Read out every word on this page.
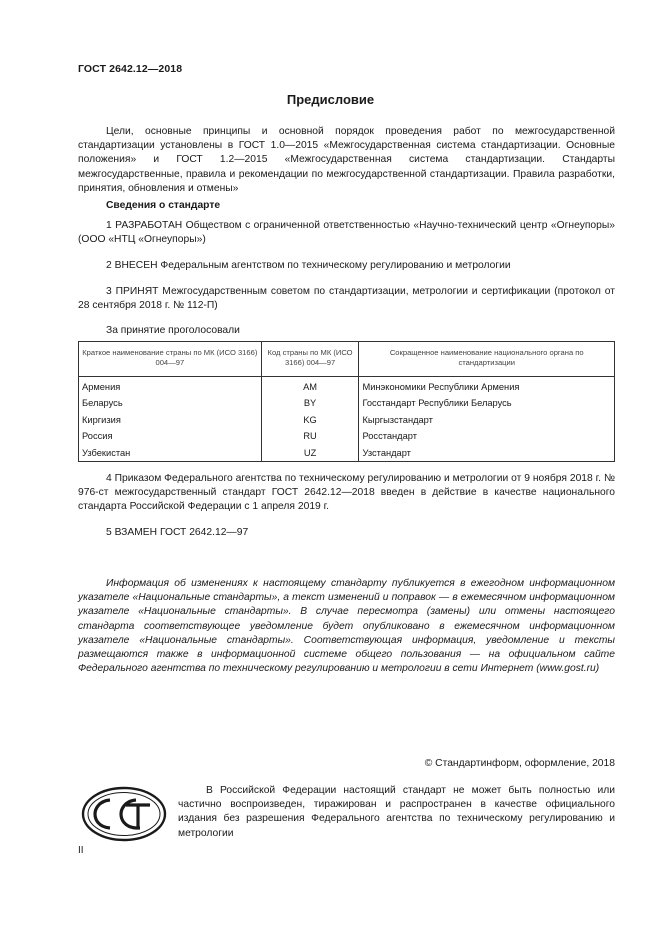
ГОСТ 2642.12—2018
Предисловие

Цели, основные принципы и основной порядок проведения работ по межгосударственной стандартизации установлены в ГОСТ 1.0—2015 «Межгосударственная система стандартизации. Основные положения» и ГОСТ 1.2—2015 «Межгосударственная система стандартизации. Стандарты межгосударственные, правила и рекомендации по межгосударственной стандартизации. Правила разработки, принятия, обновления и отмены»

Сведения о стандарте

1 РАЗРАБОТАН Обществом с ограниченной ответственностью «Научно-технический центр «Огнеупоры» (ООО «НТЦ «Огнеупоры»)

2 ВНЕСЕН Федеральным агентством по техническому регулированию и метрологии

3 ПРИНЯТ Межгосударственным советом по стандартизации, метрологии и сертификации (протокол от 28 сентября 2018 г. № 112-П)

За принятие проголосовали
Краткое наименование страны по МК (ИСО 3166) 004—97	Код страны по МК (ИСО 3166) 004—97	Сокращенное наименование национального органа по стандартизации
Армения	AM	Минэкономики Республики Армения
Беларусь	BY	Госстандарт Республики Беларусь
Киргизия	KG	Кыргызстандарт
Россия	RU	Росстандарт
Узбекистан	UZ	Узстандарт

4 Приказом Федерального агентства по техническому регулированию и метрологии от 9 ноября 2018 г. № 976-ст межгосударственный стандарт ГОСТ 2642.12—2018 введен в действие в качестве национального стандарта Российской Федерации с 1 апреля 2019 г.

5 ВЗАМЕН ГОСТ 2642.12—97

Информация об изменениях к настоящему стандарту публикуется в ежегодном информационном указателе «Национальные стандарты», а текст изменений и поправок — в ежемесячном информационном указателе «Национальные стандарты». В случае пересмотра (замены) или отмены настоящего стандарта соответствующее уведомление будет опубликовано в ежемесячном информационном указателе «Национальные стандарты». Соответствующая информация, уведомление и тексты размещаются также в информационной системе общего пользования — на официальном сайте Федерального агентства по техническому регулированию и метрологии в сети Интернет (www.gost.ru)

© Стандартинформ, оформление, 2018

В Российской Федерации настоящий стандарт не может быть полностью или частично воспроизведен, тиражирован и распространен в качестве официального издания без разрешения Федерального агентства по техническому регулированию и метрологии

II
